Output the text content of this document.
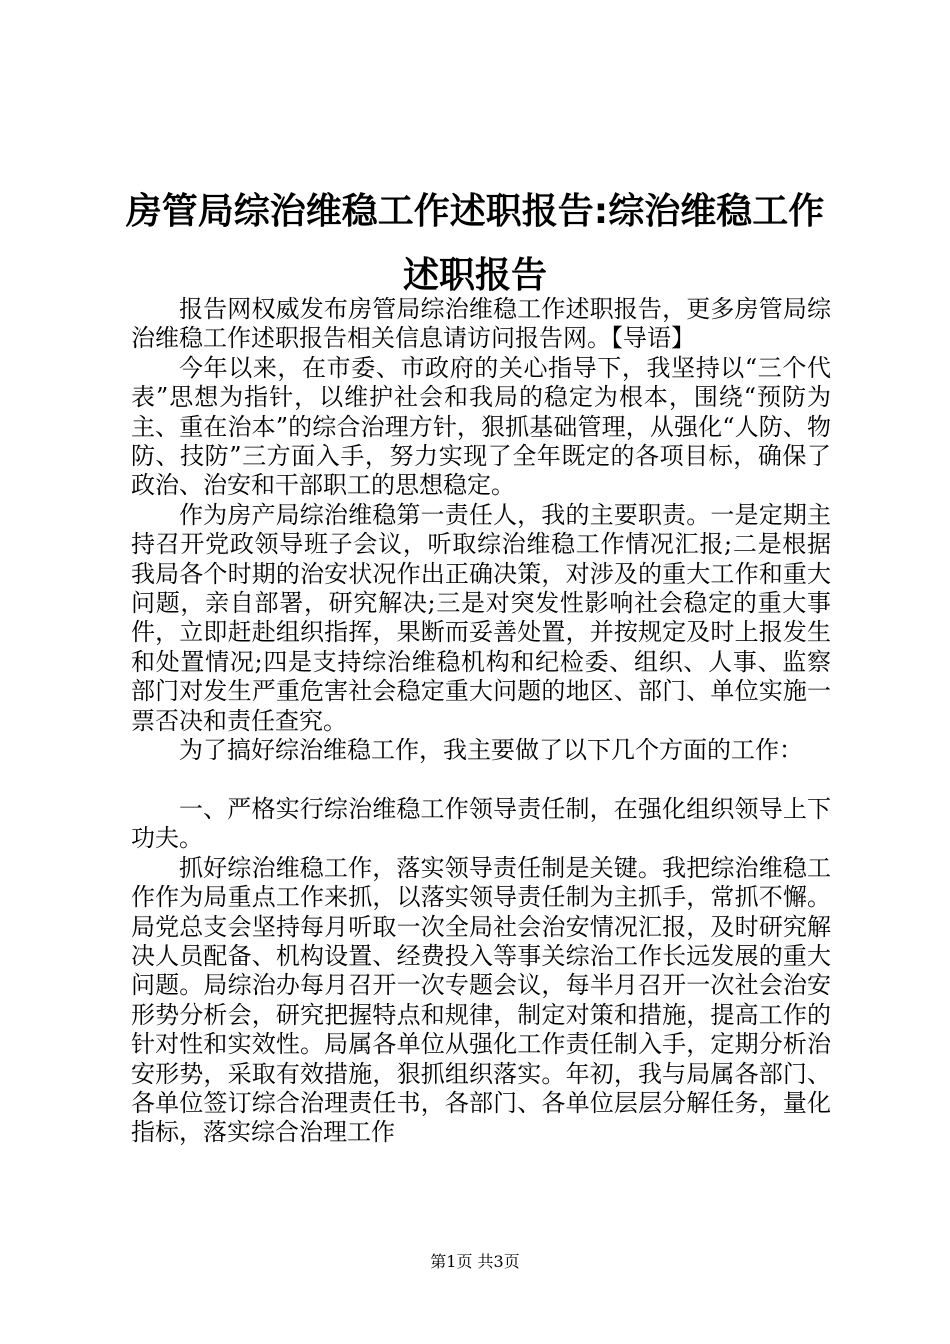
房管局综治维稳工作述职报告:综治维稳工作
述职报告

报告网权威发布房管局综治维稳工作述职报告，更多房管局综治维稳工作述职报告相关信息请访问报告网。【导语】

今年以来，在市委、市政府的关心指导下，我坚持以“三个代表”思想为指针，以维护社会和我局的稳定为根本，围绕“预防为主、重在治本”的综合治理方针，狠抓基础管理，从强化“人防、物防、技防”三方面入手，努力实现了全年既定的各项目标，确保了政治、治安和干部职工的思想稳定。

作为房产局综治维稳第一责任人，我的主要职责。一是定期主持召开党政领导班子会议，听取综治维稳工作情况汇报;二是根据我局各个时期的治安状况作出正确决策，对涉及的重大工作和重大问题，亲自部署，研究解决;三是对突发性影响社会稳定的重大事件，立即赶赴组织指挥，果断而妥善处置，并按规定及时上报发生和处置情况;四是支持综治维稳机构和纪检委、组织、人事、监察部门对发生严重危害社会稳定重大问题的地区、部门、单位实施一票否决和责任查究。

为了搞好综治维稳工作，我主要做了以下几个方面的工作：

一、严格实行综治维稳工作领导责任制，在强化组织领导上下功夫。

抓好综治维稳工作，落实领导责任制是关键。我把综治维稳工作作为局重点工作来抓，以落实领导责任制为主抓手，常抓不懈。局党总支会坚持每月听取一次全局社会治安情况汇报，及时研究解决人员配备、机构设置、经费投入等事关综治工作长远发展的重大问题。局综治办每月召开一次专题会议，每半月召开一次社会治安形势分析会，研究把握特点和规律，制定对策和措施，提高工作的针对性和实效性。局属各单位从强化工作责任制入手，定期分析治安形势，采取有效措施，狠抓组织落实。年初，我与局属各部门、各单位签订综合治理责任书，各部门、各单位层层分解任务，量化指标，落实综合治理工作

第1页 共3页
